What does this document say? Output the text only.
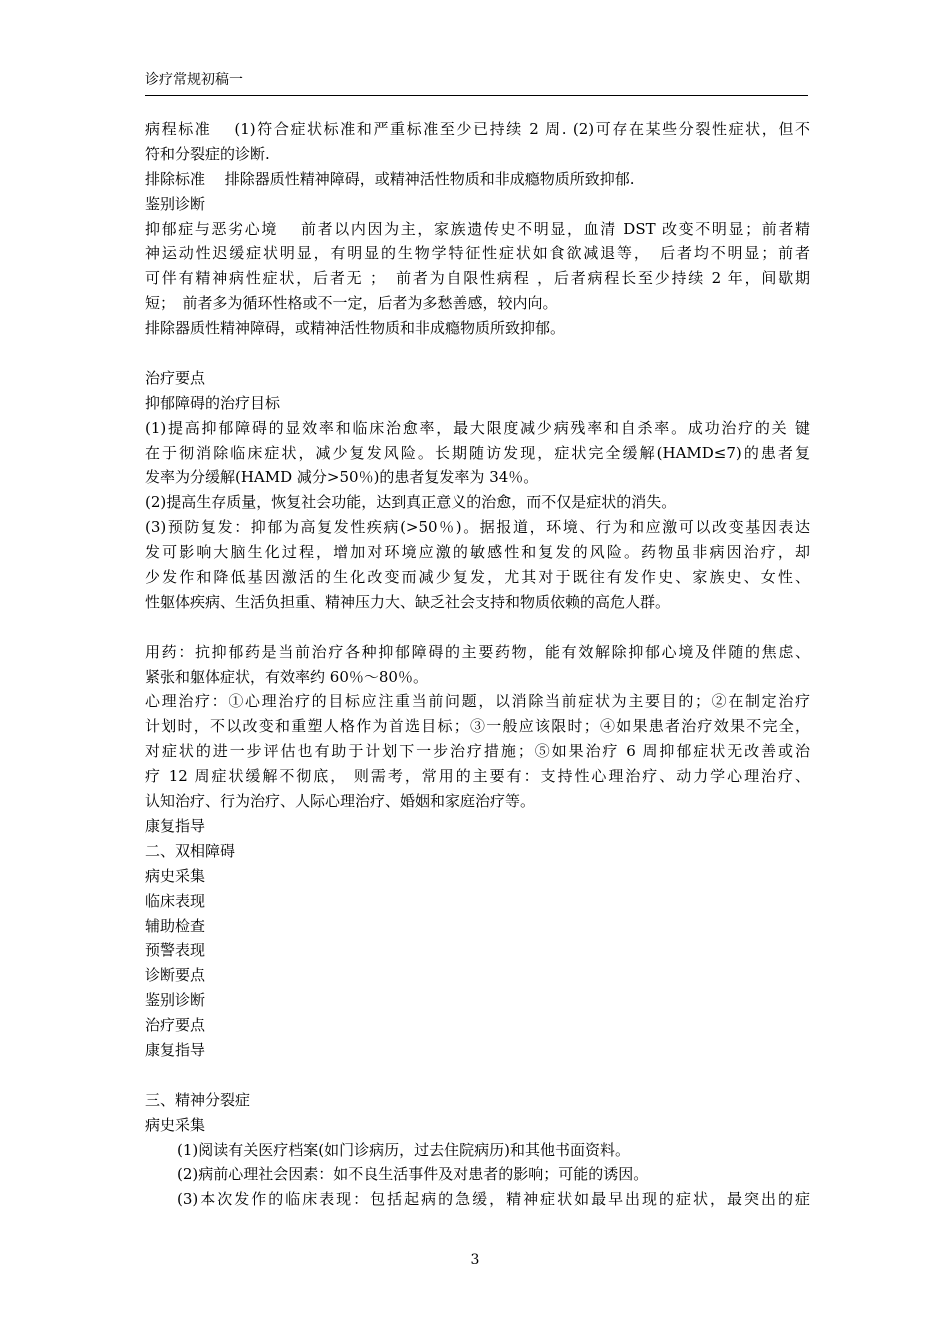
诊疗常规初稿一
病程标准　 (1)符合症状标准和严重标准至少已持续 2 周. (2)可存在某些分裂性症状，但不
符和分裂症的诊断.
排除标准　 排除器质性精神障碍，或精神活性物质和非成瘾物质所致抑郁.
鉴别诊断
抑郁症与恶劣心境　 前者以内因为主，家族遗传史不明显，血清 DST 改变不明显；前者精
神运动性迟缓症状明显，有明显的生物学特征性症状如食欲减退等，　后者均不明显；前者
可伴有精神病性症状，后者无 ；　前者为自限性病程 ，后者病程长至少持续 2 年，间歇期
短；　前者多为循环性格或不一定，后者为多愁善感，较内向。
排除器质性精神障碍，或精神活性物质和非成瘾物质所致抑郁。
治疗要点
抑郁障碍的治疗目标
(1)提高抑郁障碍的显效率和临床治愈率，最大限度减少病残率和自杀率。成功治疗的关 键
在于彻消除临床症状，减少复发风险。长期随访发现，症状完全缓解(HAMD≤7)的患者复
发率为分缓解(HAMD 减分>50％)的患者复发率为 34％。
(2)提高生存质量，恢复社会功能，达到真正意义的治愈，而不仅是症状的消失。
(3)预防复发：抑郁为高复发性疾病(>50％)。据报道，环境、行为和应激可以改变基因表达
发可影响大脑生化过程，增加对环境应激的敏感性和复发的风险。药物虽非病因治疗，却
少发作和降低基因激活的生化改变而减少复发，尤其对于既往有发作史、家族史、女性、
性躯体疾病、生活负担重、精神压力大、缺乏社会支持和物质依赖的高危人群。
用药：抗抑郁药是当前治疗各种抑郁障碍的主要药物，能有效解除抑郁心境及伴随的焦虑、
紧张和躯体症状，有效率约 60％～80％。
心理治疗：①心理治疗的目标应注重当前问题，以消除当前症状为主要目的；②在制定治疗
计划时，不以改变和重塑人格作为首选目标；③一般应该限时；④如果患者治疗效果不完全，
对症状的进一步评估也有助于计划下一步治疗措施；⑤如果治疗 6 周抑郁症状无改善或治
疗 12 周症状缓解不彻底， 则需考，常用的主要有：支持性心理治疗、动力学心理治疗、
认知治疗、行为治疗、人际心理治疗、婚姻和家庭治疗等。
康复指导
二、双相障碍
病史采集
临床表现
辅助检查
预警表现
诊断要点
鉴别诊断
治疗要点
康复指导
三、精神分裂症
病史采集
(1)阅读有关医疗档案(如门诊病历，过去住院病历)和其他书面资料。
(2)病前心理社会因素：如不良生活事件及对患者的影响；可能的诱因。
(3)本次发作的临床表现：包括起病的急缓，精神症状如最早出现的症状，最突出的症
3
